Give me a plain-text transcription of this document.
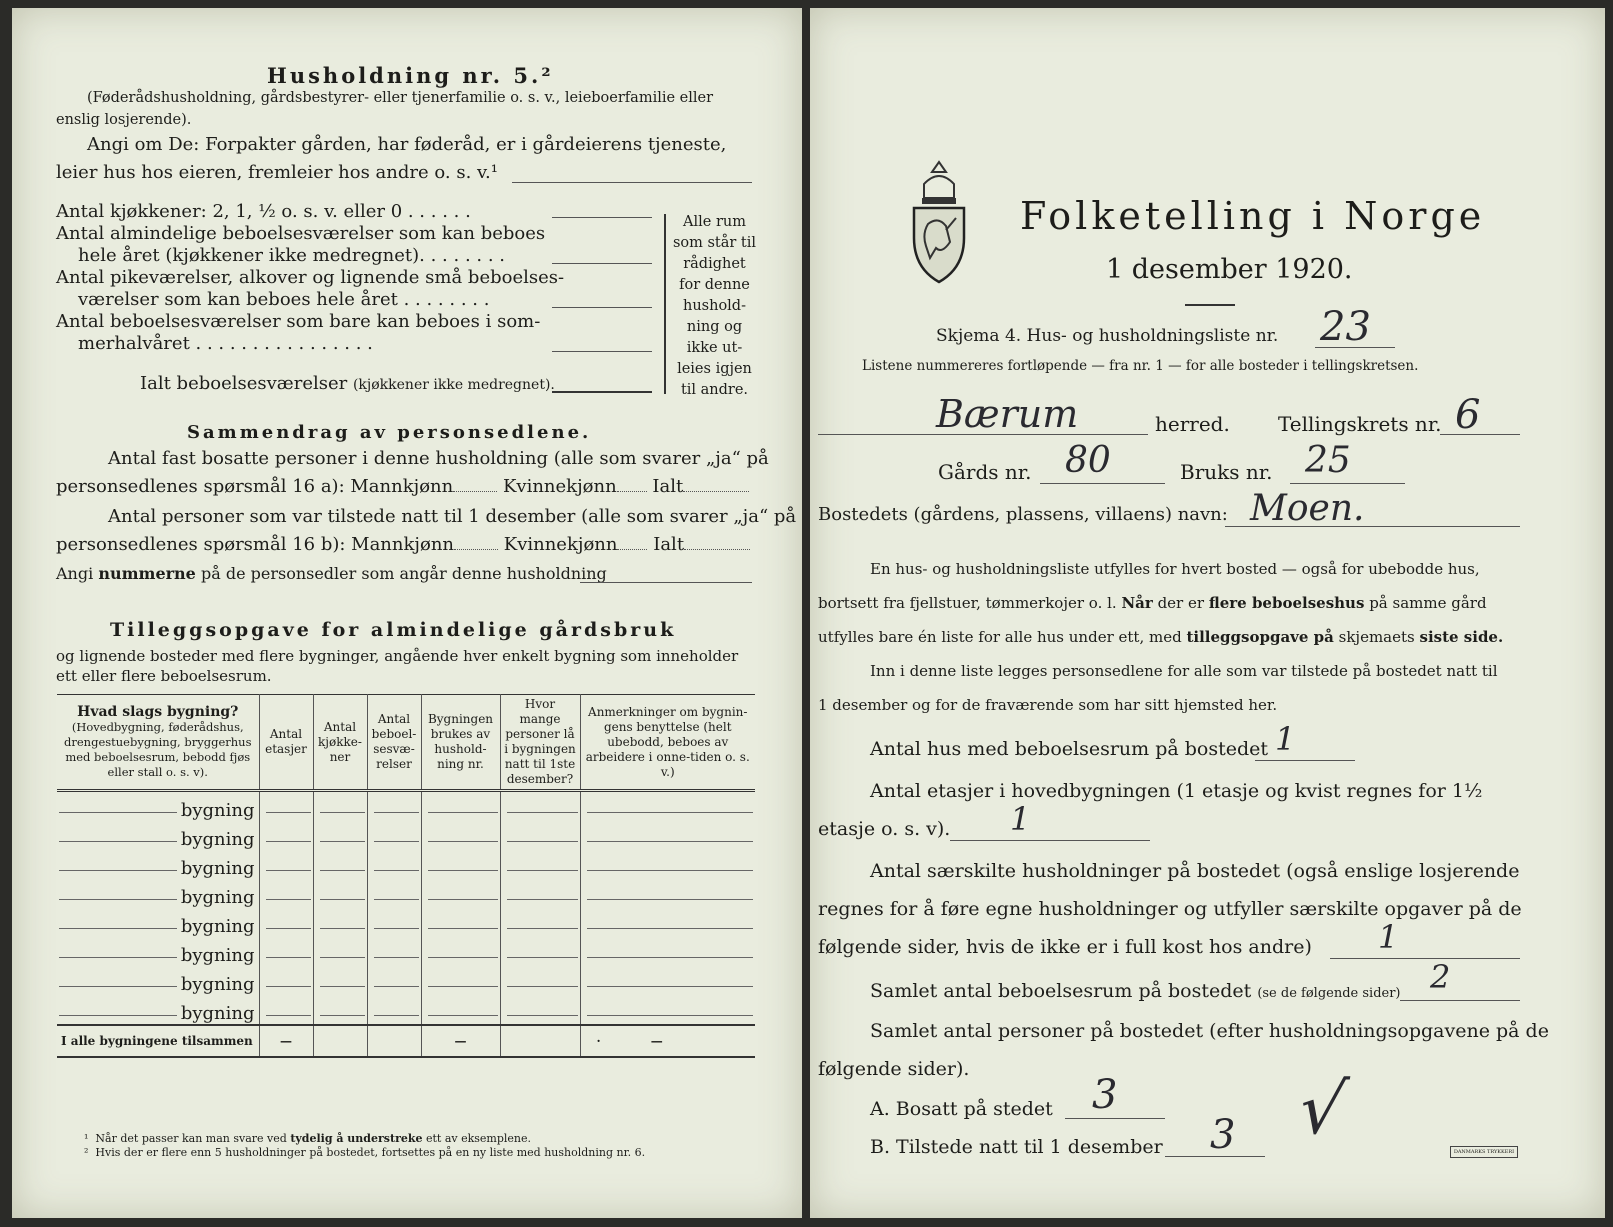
Husholdning nr. 5.²
(Føderådshusholdning, gårdsbestyrer- eller tjenerfamilie o. s. v., leieboerfamilie eller
enslig losjerende).
Angi om De: Forpakter gården, har føderåd, er i gårdeierens tjeneste,
leier hus hos eieren, fremleier hos andre o. s. v.¹
Antal kjøkkener: 2, 1, ½ o. s. v. eller 0 . . . . . .
Antal almindelige beboelsesværelser som kan beboes
hele året (kjøkkener ikke medregnet). . . . . . . .
Antal pikeværelser, alkover og lignende små beboelses-
værelser som kan beboes hele året . . . . . . . .
Antal beboelsesværelser som bare kan beboes i som-
merhalvåret . . . . . . . . . . . . . . . .
Ialt beboelsesværelser (kjøkkener ikke medregnet).
Alle rum
som står til
rådighet
for denne
hushold-
ning og
ikke ut-
leies igjen
til andre.
Sammendrag av personsedlene.
Antal fast bosatte personer i denne husholdning (alle som svarer „ja“ på
personsedlenes spørsmål 16 a): Mannkjønn	Kvinnekjønn Ialt
Antal personer som var tilstede natt til 1 desember (alle som svarer „ja“ på
personsedlenes spørsmål 16 b): Mannkjønn	Kvinnekjønn Ialt
Angi nummerne på de personsedler som angår denne husholdning
Tilleggsopgave for almindelige gårdsbruk
og lignende bosteder med flere bygninger, angående hver enkelt bygning som inneholder
ett eller flere beboelsesrum.
Hvad slags bygning?
(Hovedbygning, føderådshus, drengestuebygning, bryggerhus med beboelsesrum, bebodd fjøs eller stall o. s. v).	Antal etasjer	Antal kjøkke-ner	Antal beboel-sesvæ-relser	Bygningen brukes av hushold-ning nr.	Hvor mange personer lå i bygningen natt til 1ste desember?	Anmerkninger om bygnin-gens benyttelse (helt ubebodd, beboes av arbeidere i onne-tiden o. s. v.)

bygning	

bygning	

bygning	

bygning	

bygning	

bygning	

bygning	

bygning	

I alle bygningene tilsammen	—			—		· —
¹ Når det passer kan man svare ved tydelig å understreke ett av eksemplene.
² Hvis der er flere enn 5 husholdninger på bostedet, fortsettes på en ny liste med husholdning nr. 6.
Folketelling i Norge
1 desember 1920.
Skjema 4. Hus- og husholdningsliste nr. 23
Listene nummereres fortløpende — fra nr. 1 — for alle bosteder i tellingskretsen.
Bærum	herred. Tellingskrets nr. 6
Gårds nr. 80	Bruks nr. 25
Bostedets (gårdens, plassens, villaens) navn: Moen.
En hus- og husholdningsliste utfylles for hvert bosted — også for ubebodde hus,
bortsett fra fjellstuer, tømmerkojer o. l. Når der er flere beboelseshus på samme gård
utfylles bare én liste for alle hus under ett, med tilleggsopgave på skjemaets siste side.
Inn i denne liste legges personsedlene for alle som var tilstede på bostedet natt til
1 desember og for de fraværende som har sitt hjemsted her.
Antal hus med beboelsesrum på bostedet 1
Antal etasjer i hovedbygningen (1 etasje og kvist regnes for 1½
etasje o. s. v). 1
Antal særskilte husholdninger på bostedet (også enslige losjerende
regnes for å føre egne husholdninger og utfyller særskilte opgaver på de
følgende sider, hvis de ikke er i full kost hos andre) 1
Samlet antal beboelsesrum på bostedet (se de følgende sider) 2
Samlet antal personer på bostedet (efter husholdningsopgavene på de
følgende sider).
A. Bosatt på stedet 3
B. Tilstede natt til 1 desember 3 √
DANMARKS TRYKKERI
